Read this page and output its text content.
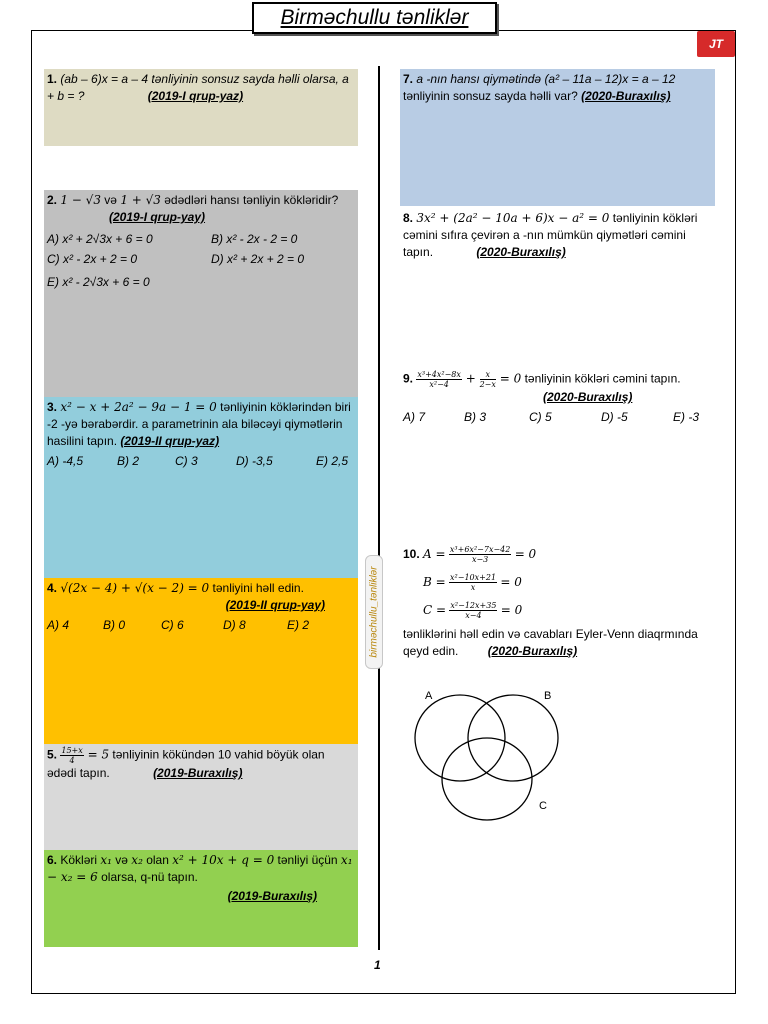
Birməchullu tənliklər
JT
birməchullu_tənliklər
1. (ab – 6)x = a – 4 tənliyinin sonsuz sayda həlli olarsa, a + b = ?	(2019-I qrup-yaz)
2. 1 − √3 və 1 + √3 ədədləri hansı tənliyin kökləridir? (2019-I qrup-yay)
A) x² + 2√3x + 6 = 0	B) x² - 2x - 2 = 0
C) x² - 2x + 2 = 0	D) x² + 2x + 2 = 0
E) x² - 2√3x + 6 = 0
3. x² − x + 2a² − 9a − 1 = 0 tənliyinin köklərindən biri -2 -yə bərabərdir. a parametrinin ala biləcəyi qiymətlərin hasilini tapın. (2019-II qrup-yaz)
A) -4,5	B) 2	C) 3	D) -3,5	E) 2,5
4. √(2x − 4) + √(x − 2) = 0 tənliyini həll edin.
(2019-II qrup-yay)
A) 4	B) 0	C) 6	D) 8	E) 2
5. $\frac{15+x}{4} = 5$ tənliyinin kökündən 10 vahid böyük olan ədədi tapın.	(2019-Buraxılış)
6. Kökləri x₁ və x₂ olan x² + 10x + q = 0 tənliyi üçün x₁ − x₂ = 6 olarsa, q-nü tapın.
(2019-Buraxılış)
7. a -nın hansı qiymətində (a² – 11a – 12)x = a – 12 tənliyinin sonsuz sayda həlli var? (2020-Buraxılış)
8. 3x² + (2a² − 10a + 6)x − a² = 0 tənliyinin kökləri cəmini sıfıra çevirən a -nın mümkün qiymətləri cəmini tapın.	(2020-Buraxılış)
9. $\frac{\text{x³+4x²−8x}}{\text{x²−4}} + \frac{x}{2-x} = 0$ tənliyinin kökləri cəmini tapın. (2020-Buraxılış)
A) 7	B) 3	C) 5	D) -5	E) -3
10. $A = \frac{\text{x³+6x²−7x−42}}{x-3} = 0$
$B = \frac{\text{x²−10x+21}}{x} = 0$
$C = \frac{\text{x²−12x+35}}{x-4} = 0$
tənliklərini həll edin və cavabları Eyler-Venn diaqrmında qeyd edin. (2020-Buraxılış)
A	B
C
1
